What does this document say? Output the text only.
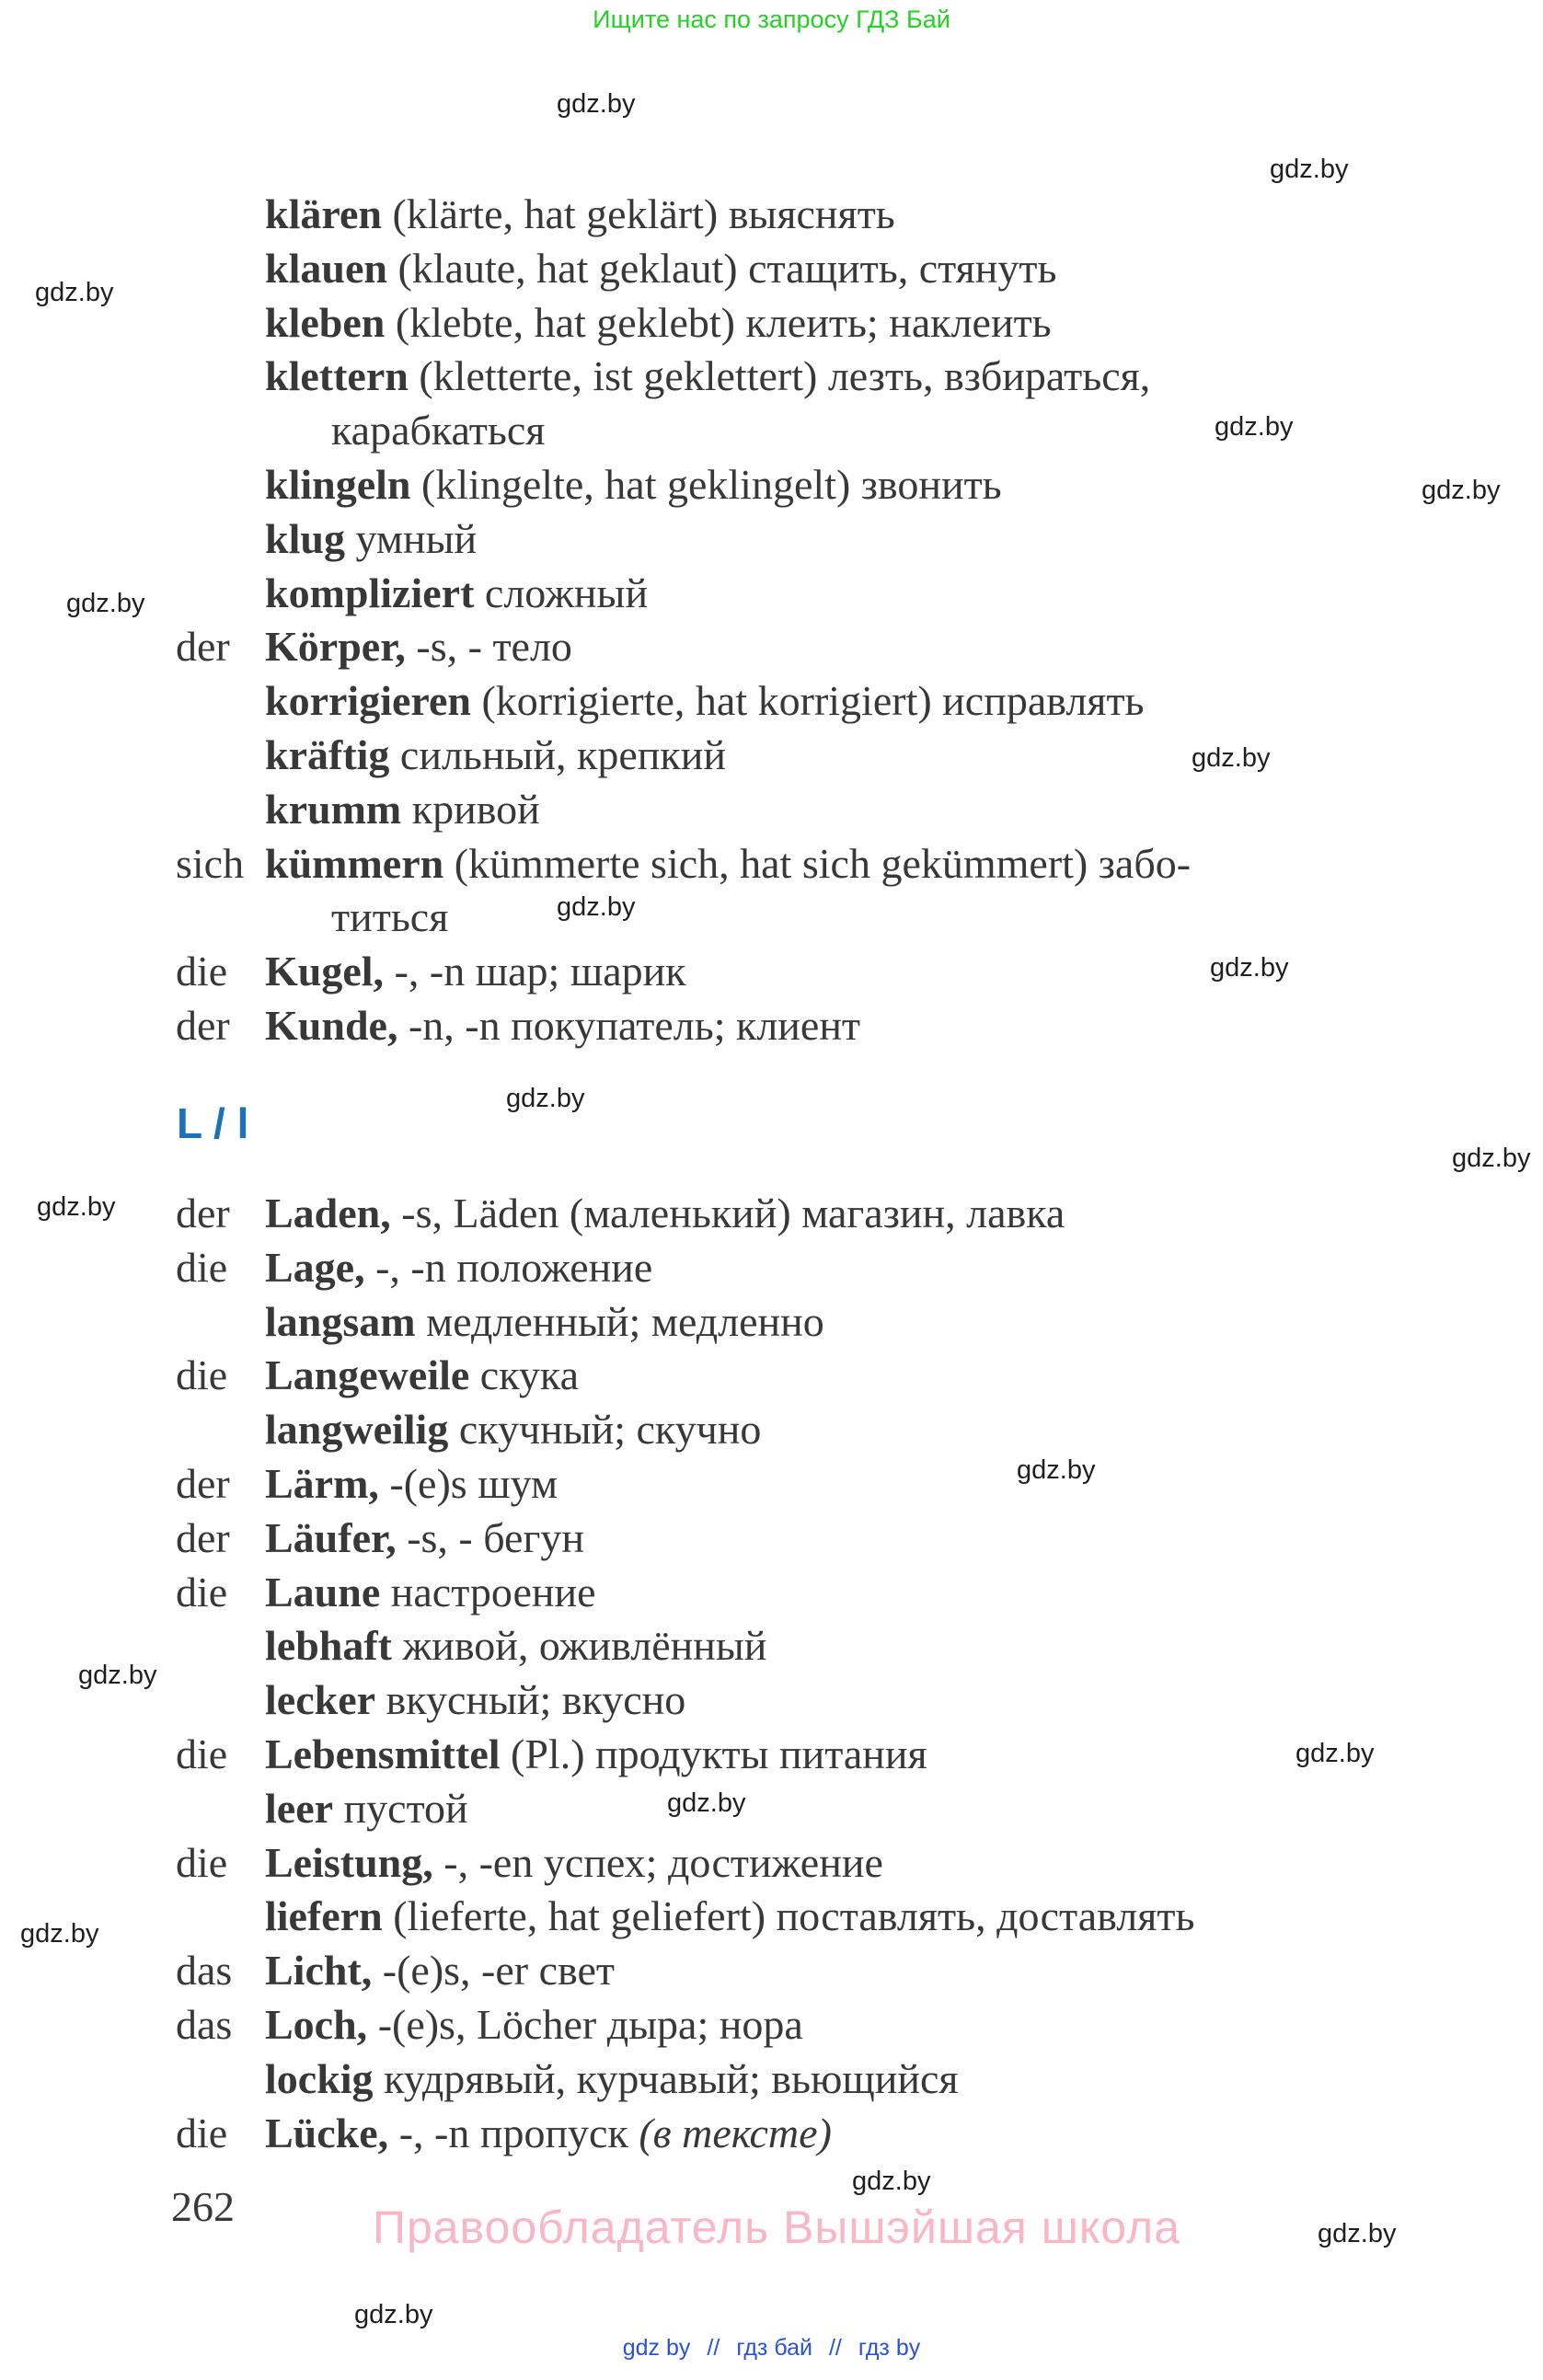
Ищите нас по запросу ГДЗ Бай
gdz.by
gdz.by
gdz.by
gdz.by
gdz.by
gdz.by
gdz.by
gdz.by
gdz.by
gdz.by
gdz.by
gdz.by
gdz.by
gdz.by
gdz.by
gdz.by
gdz.by
gdz.by
gdz.by
gdz.by
klären (klärte, hat geklärt) выяснять
klauen (klaute, hat geklaut) стащить, стянуть
kleben (klebte, hat geklebt) клеить; наклеить
klettern (kletterte, ist geklettert) лезть, взбираться,
карабкаться
klingeln (klingelte, hat geklingelt) звонить
klug умный
kompliziert сложный
der Körper, -s, - тело
korrigieren (korrigierte, hat korrigiert) исправлять
kräftig сильный, крепкий
krumm кривой
sich kümmern (kümmerte sich, hat sich gekümmert) забо-
титься
die Kugel, -, -n шар; шарик
der Kunde, -n, -n покупатель; клиент
L / l
der Laden, -s, Läden (маленький) магазин, лавка
die Lage, -, -n положение
langsam медленный; медленно
die Langeweile скука
langweilig скучный; скучно
der Lärm, -(e)s шум
der Läufer, -s, - бегун
die Laune настроение
lebhaft живой, оживлённый
lecker вкусный; вкусно
die Lebensmittel (Pl.) продукты питания
leer пустой
die Leistung, -, -en успех; достижение
liefern (lieferte, hat geliefert) поставлять, доставлять
das Licht, -(e)s, -er свет
das Loch, -(e)s, Löcher дыра; нора
lockig кудрявый, курчавый; вьющийся
die Lücke, -, -n пропуск (в тексте)
262	Правообладатель Вышэйшая школа
gdz by // гдз бай // гдз by
